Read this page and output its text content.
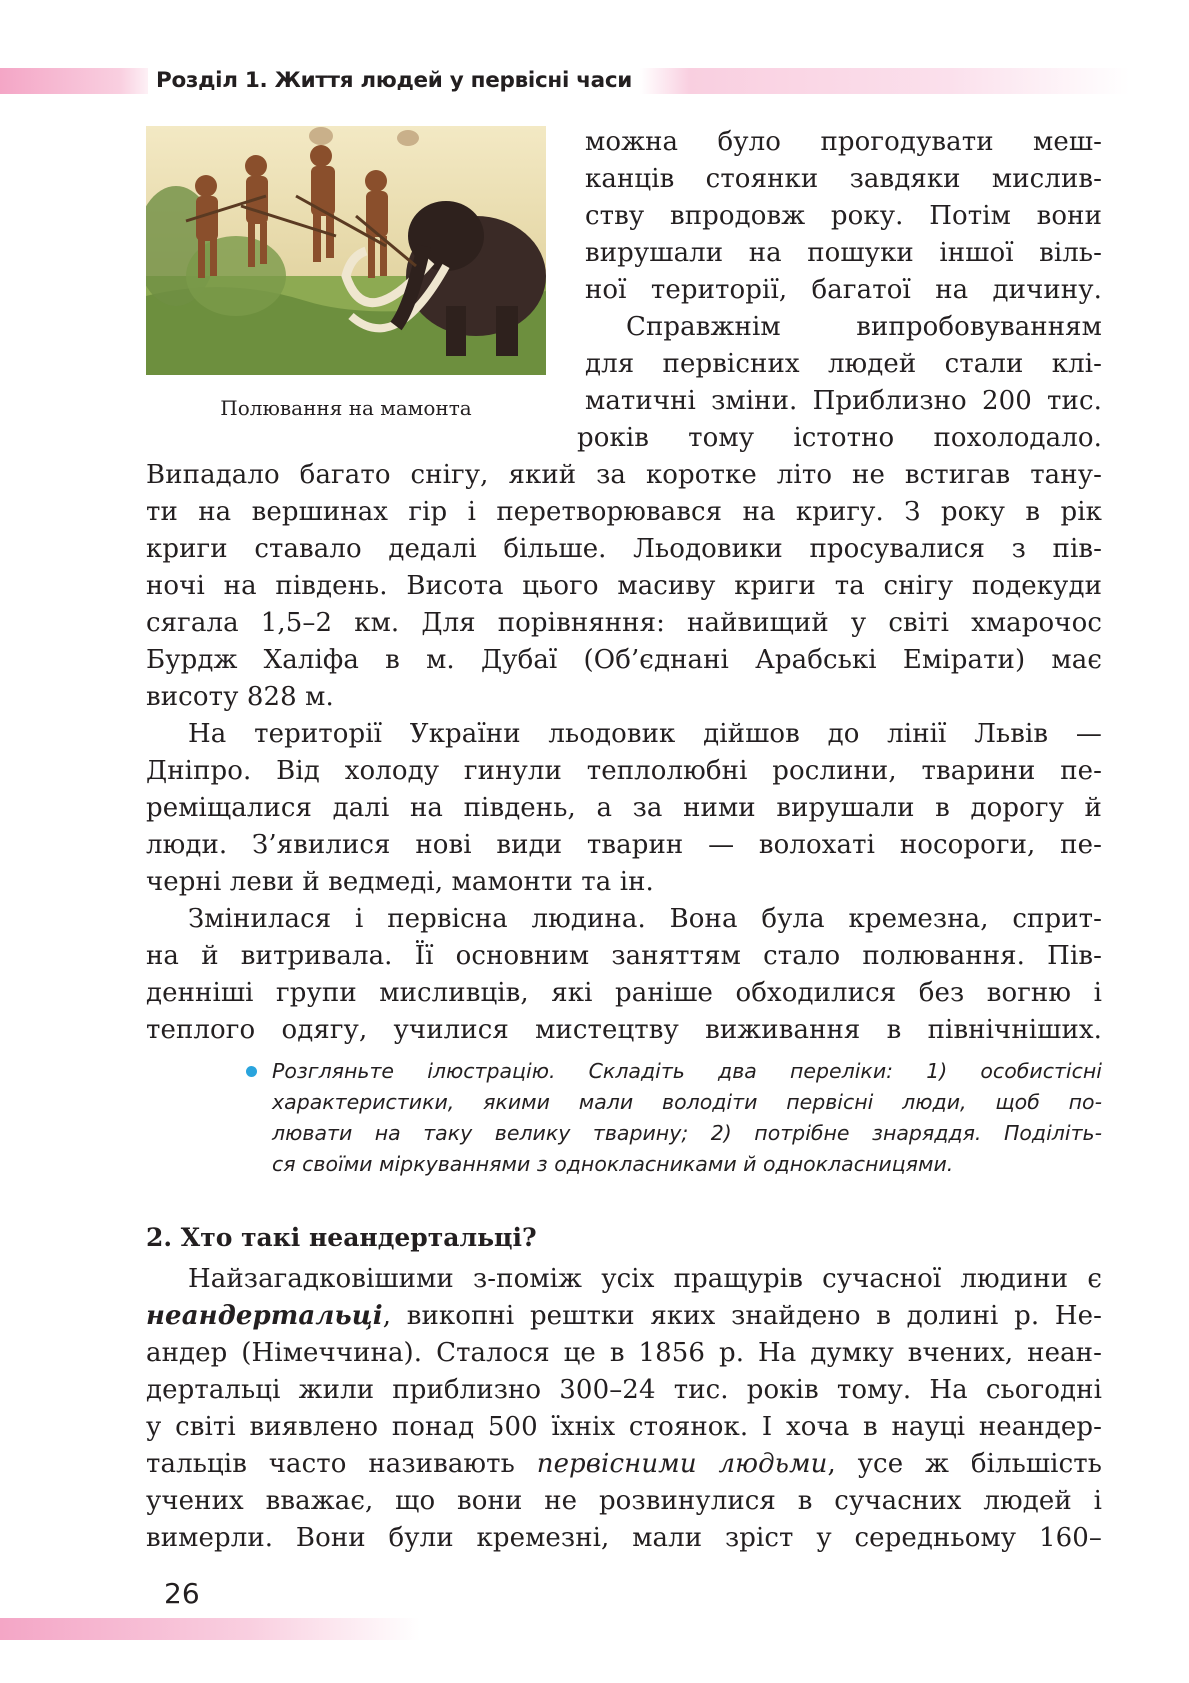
Розділ 1. Життя людей у первісні часи
Полювання на мамонта
можна було прогодувати меш-
канців стоянки завдяки мислив-
ству впродовж року. Потім вони
вирушали на пошуки іншої віль-
ної території, багатої на дичину.
Справжнім випробовуванням
для первісних людей стали клі-
матичні зміни. Приблизно 200 тис.
років тому істотно похолодало.
Випадало багато снігу, який за коротке літо не встигав тану-
ти на вершинах гір і перетворювався на кригу. З року в рік
криги ставало дедалі більше. Льодовики просувалися з пів-
ночі на південь. Висота цього масиву криги та снігу подекуди
сягала 1,5–2 км. Для порівняння: найвищий у світі хмарочос
Бурдж Халіфа в м. Дубаї (Об’єднані Арабські Емірати) має
висоту 828 м.
На території України льодовик дійшов до лінії Львів —
Дніпро. Від холоду гинули теплолюбні рослини, тварини пе-
реміщалися далі на південь, а за ними вирушали в дорогу й
люди. З’явилися нові види тварин — волохаті носороги, пе-
черні леви й ведмеді, мамонти та ін.
Змінилася і первісна людина. Вона була кремезна, сприт-
на й витривала. Її основним заняттям стало полювання. Пів-
денніші групи мисливців, які раніше обходилися без вогню і
теплого одягу, училися мистецтву виживання в північніших.
Розгляньте ілюстрацію. Складіть два переліки: 1) особистісні
характеристики, якими мали володіти первісні люди, щоб по-
лювати на таку велику тварину; 2) потрібне знаряддя. Поділіть-
ся своїми міркуваннями з однокласниками й однокласницями.
2. Хто такі неандертальці?
Найзагадковішими з-поміж усіх пращурів сучасної людини є
неандертальці, викопні рештки яких знайдено в долині р. Не-
андер (Німеччина). Сталося це в 1856 р. На думку вчених, неан-
дертальці жили приблизно 300–24 тис. років тому. На сьогодні
у світі виявлено понад 500 їхніх стоянок. І хоча в науці неандер-
тальців часто називають первісними людьми, усе ж більшість
учених вважає, що вони не розвинулися в сучасних людей і
вимерли. Вони були кремезні, мали зріст у середньому 160–
26
